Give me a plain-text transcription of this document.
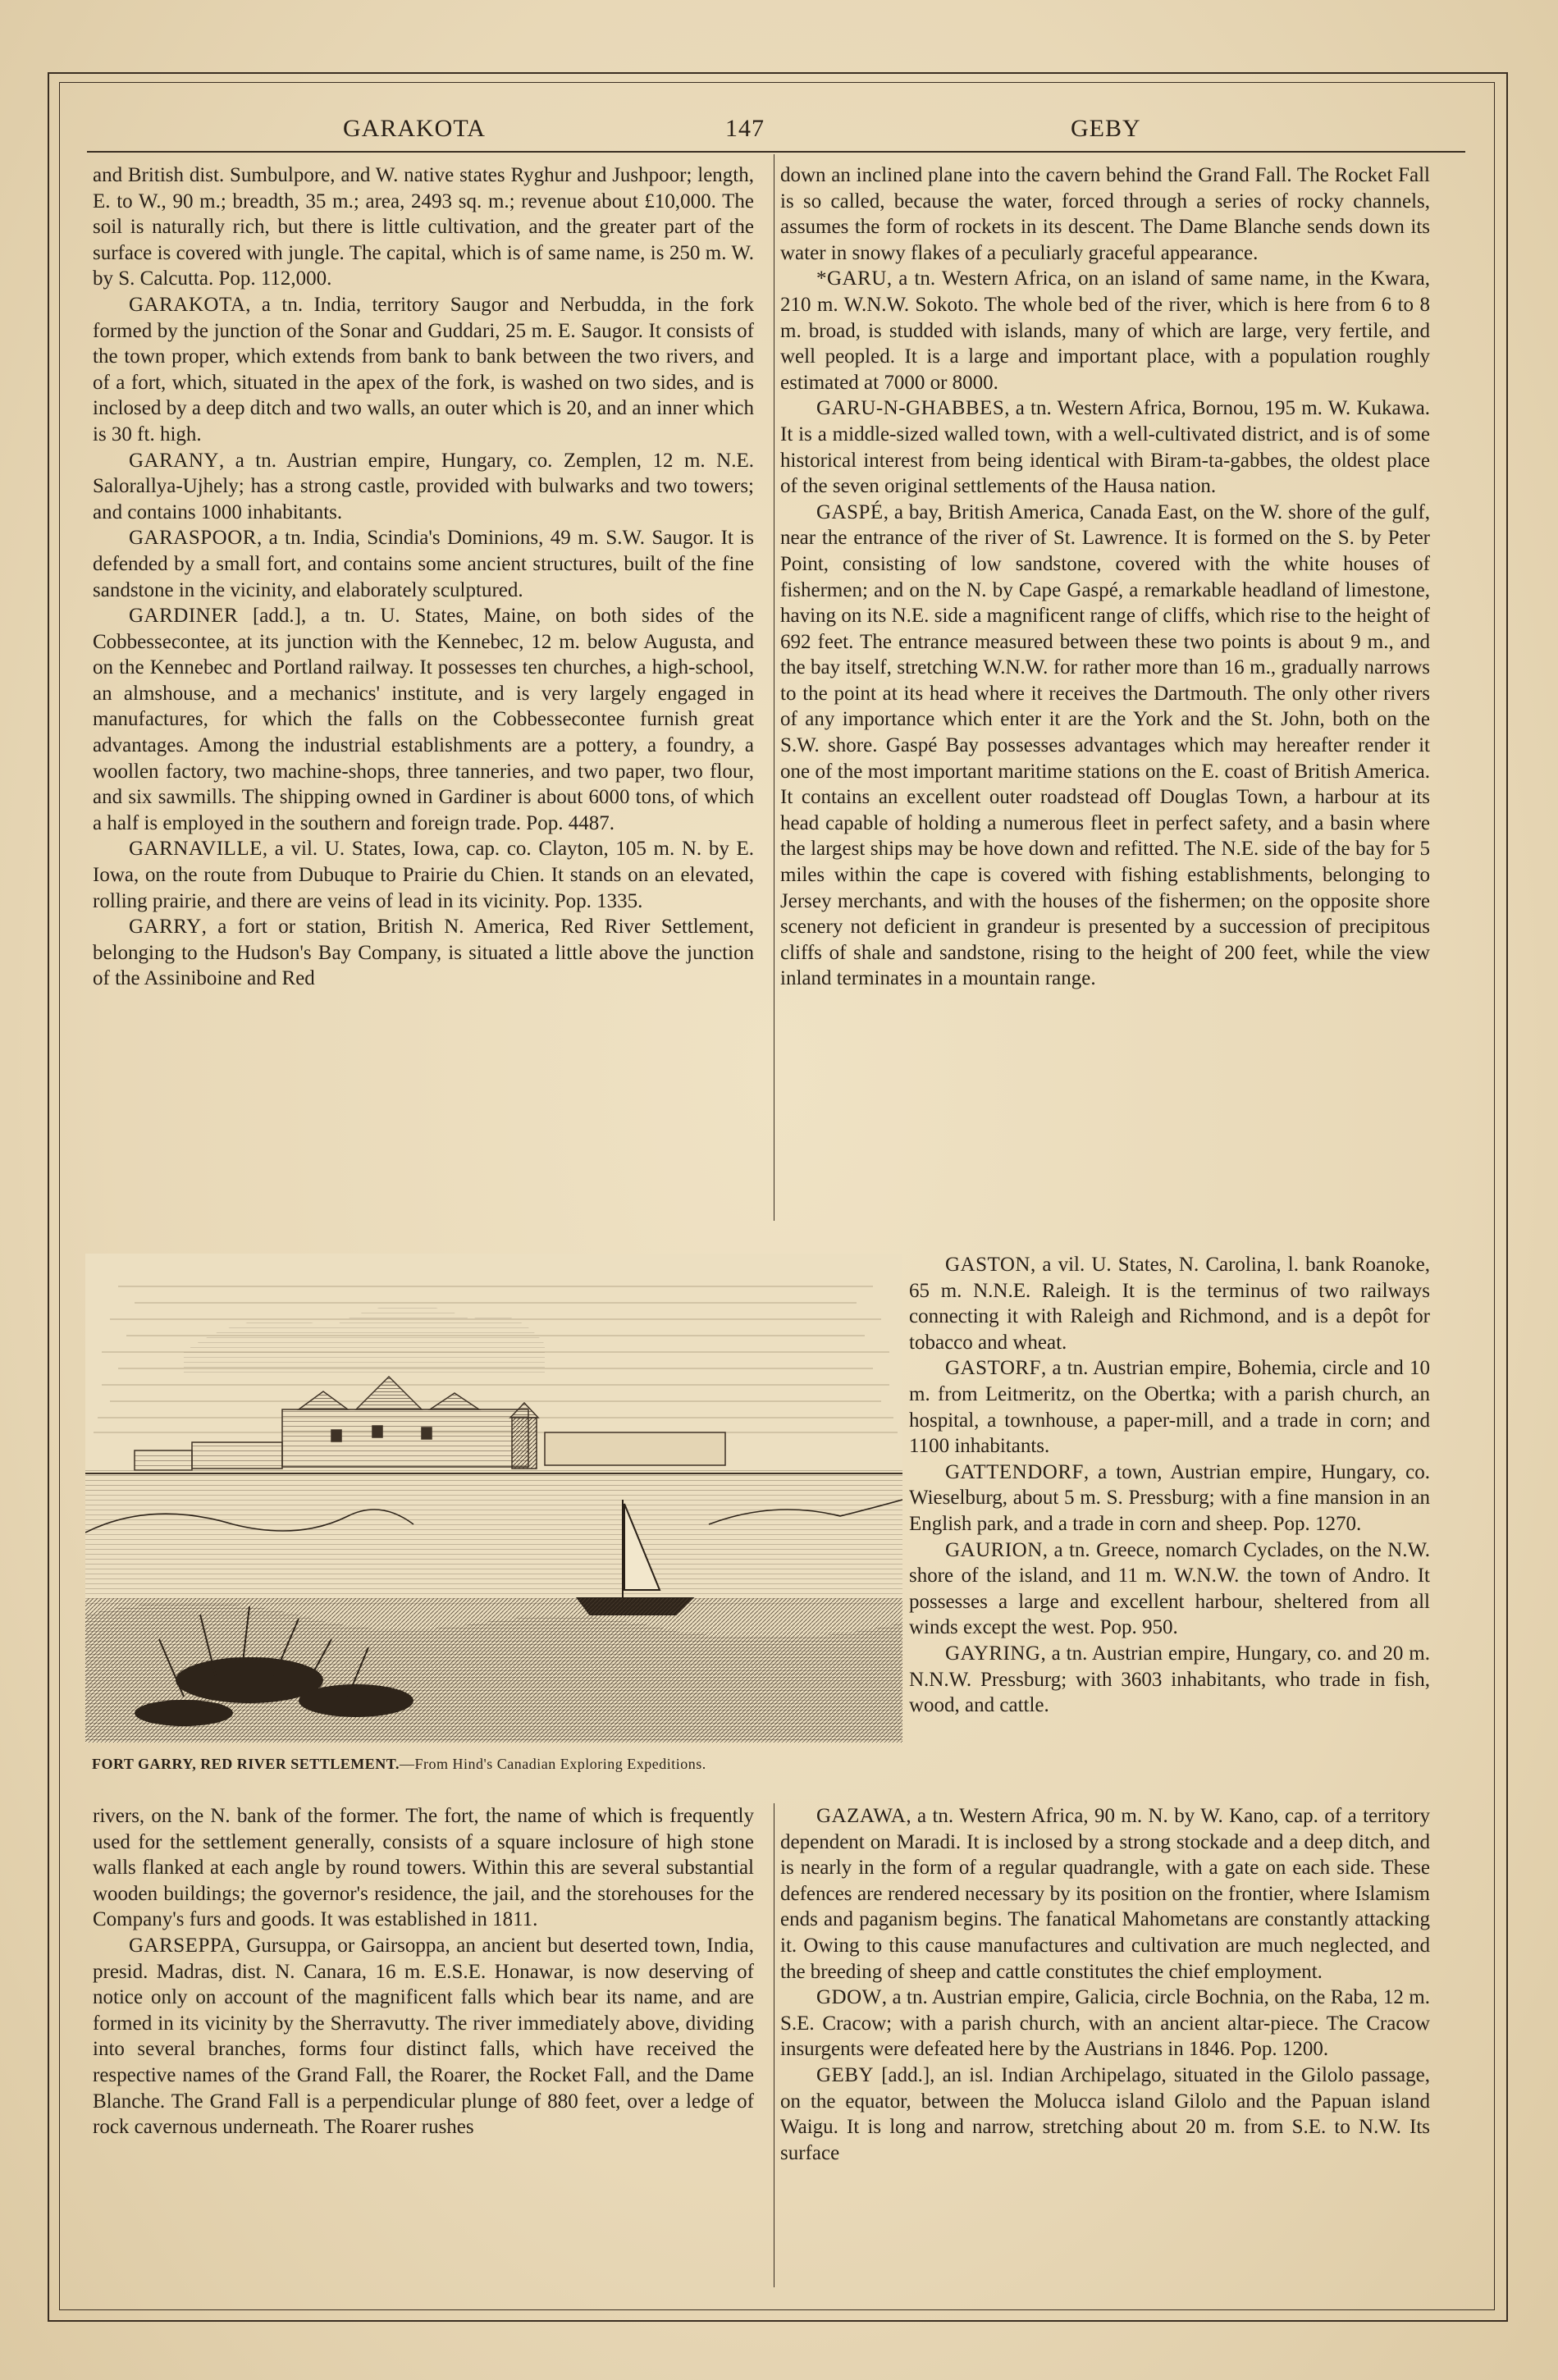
GARAKOTA	147	GEBY

and British dist. Sumbulpore, and W. native states Ryghur and Jushpoor; length, E. to W., 90 m.; breadth, 35 m.; area, 2493 sq. m.; revenue about £10,000. The soil is naturally rich, but there is little cultivation, and the greater part of the surface is covered with jungle. The capital, which is of same name, is 250 m. W. by S. Calcutta. Pop. 112,000.

GARAKOTA, a tn. India, territory Saugor and Nerbudda, in the fork formed by the junction of the Sonar and Guddari, 25 m. E. Saugor. It consists of the town proper, which extends from bank to bank between the two rivers, and of a fort, which, situated in the apex of the fork, is washed on two sides, and is inclosed by a deep ditch and two walls, an outer which is 20, and an inner which is 30 ft. high.

GARANY, a tn. Austrian empire, Hungary, co. Zemplen, 12 m. N.E. Salorallya-Ujhely; has a strong castle, provided with bulwarks and two towers; and contains 1000 inhabitants.

GARASPOOR, a tn. India, Scindia's Dominions, 49 m. S.W. Saugor. It is defended by a small fort, and contains some ancient structures, built of the fine sandstone in the vicinity, and elaborately sculptured.

GARDINER [add.], a tn. U. States, Maine, on both sides of the Cobbessecontee, at its junction with the Kennebec, 12 m. below Augusta, and on the Kennebec and Portland railway. It possesses ten churches, a high-school, an almshouse, and a mechanics' institute, and is very largely engaged in manufactures, for which the falls on the Cobbessecontee furnish great advantages. Among the industrial establishments are a pottery, a foundry, a woollen factory, two machine-shops, three tanneries, and two paper, two flour, and six sawmills. The shipping owned in Gardiner is about 6000 tons, of which a half is employed in the southern and foreign trade. Pop. 4487.

GARNAVILLE, a vil. U. States, Iowa, cap. co. Clayton, 105 m. N. by E. Iowa, on the route from Dubuque to Prairie du Chien. It stands on an elevated, rolling prairie, and there are veins of lead in its vicinity. Pop. 1335.

GARRY, a fort or station, British N. America, Red River Settlement, belonging to the Hudson's Bay Company, is situated a little above the junction of the Assiniboine and Red

down an inclined plane into the cavern behind the Grand Fall. The Rocket Fall is so called, because the water, forced through a series of rocky channels, assumes the form of rockets in its descent. The Dame Blanche sends down its water in snowy flakes of a peculiarly graceful appearance.

*GARU, a tn. Western Africa, on an island of same name, in the Kwara, 210 m. W.N.W. Sokoto. The whole bed of the river, which is here from 6 to 8 m. broad, is studded with islands, many of which are large, very fertile, and well peopled. It is a large and important place, with a population roughly estimated at 7000 or 8000.

GARU-N-GHABBES, a tn. Western Africa, Bornou, 195 m. W. Kukawa. It is a middle-sized walled town, with a well-cultivated district, and is of some historical interest from being identical with Biram-ta-gabbes, the oldest place of the seven original settlements of the Hausa nation.

GASPÉ, a bay, British America, Canada East, on the W. shore of the gulf, near the entrance of the river of St. Lawrence. It is formed on the S. by Peter Point, consisting of low sandstone, covered with the white houses of fishermen; and on the N. by Cape Gaspé, a remarkable headland of limestone, having on its N.E. side a magnificent range of cliffs, which rise to the height of 692 feet. The entrance measured between these two points is about 9 m., and the bay itself, stretching W.N.W. for rather more than 16 m., gradually narrows to the point at its head where it receives the Dartmouth. The only other rivers of any importance which enter it are the York and the St. John, both on the S.W. shore. Gaspé Bay possesses advantages which may hereafter render it one of the most important maritime stations on the E. coast of British America. It contains an excellent outer roadstead off Douglas Town, a harbour at its head capable of holding a numerous fleet in perfect safety, and a basin where the largest ships may be hove down and refitted. The N.E. side of the bay for 5 miles within the cape is covered with fishing establishments, belonging to Jersey merchants, and with the houses of the fishermen; on the opposite shore scenery not deficient in grandeur is presented by a succession of precipitous cliffs of shale and sandstone, rising to the height of 200 feet, while the view inland terminates in a mountain range.

GASTON, a vil. U. States, N. Carolina, l. bank Roanoke, 65 m. N.N.E. Raleigh. It is the terminus of two railways connecting it with Raleigh and Richmond, and is a depôt for tobacco and wheat.

GASTORF, a tn. Austrian empire, Bohemia, circle and 10 m. from Leitmeritz, on the Obertka; with a parish church, an hospital, a townhouse, a paper-mill, and a trade in corn; and 1100 inhabitants.

GATTENDORF, a town, Austrian empire, Hungary, co. Wieselburg, about 5 m. S. Pressburg; with a fine mansion in an English park, and a trade in corn and sheep. Pop. 1270.

GAURION, a tn. Greece, nomarch Cyclades, on the N.W. shore of the island, and 11 m. W.N.W. the town of Andro. It possesses a large and excellent harbour, sheltered from all winds except the west. Pop. 950.

GAYRING, a tn. Austrian empire, Hungary, co. and 20 m. N.N.W. Pressburg; with 3603 inhabitants, who trade in fish, wood, and cattle.

FORT GARRY, RED RIVER SETTLEMENT.—From Hind's Canadian Exploring Expeditions.

rivers, on the N. bank of the former. The fort, the name of which is frequently used for the settlement generally, consists of a square inclosure of high stone walls flanked at each angle by round towers. Within this are several substantial wooden buildings; the governor's residence, the jail, and the storehouses for the Company's furs and goods. It was established in 1811.

GARSEPPA, Gursuppa, or Gairsoppa, an ancient but deserted town, India, presid. Madras, dist. N. Canara, 16 m. E.S.E. Honawar, is now deserving of notice only on account of the magnificent falls which bear its name, and are formed in its vicinity by the Sherravutty. The river immediately above, dividing into several branches, forms four distinct falls, which have received the respective names of the Grand Fall, the Roarer, the Rocket Fall, and the Dame Blanche. The Grand Fall is a perpendicular plunge of 880 feet, over a ledge of rock cavernous underneath. The Roarer rushes

GAZAWA, a tn. Western Africa, 90 m. N. by W. Kano, cap. of a territory dependent on Maradi. It is inclosed by a strong stockade and a deep ditch, and is nearly in the form of a regular quadrangle, with a gate on each side. These defences are rendered necessary by its position on the frontier, where Islamism ends and paganism begins. The fanatical Mahometans are constantly attacking it. Owing to this cause manufactures and cultivation are much neglected, and the breeding of sheep and cattle constitutes the chief employment.

GDOW, a tn. Austrian empire, Galicia, circle Bochnia, on the Raba, 12 m. S.E. Cracow; with a parish church, with an ancient altar-piece. The Cracow insurgents were defeated here by the Austrians in 1846. Pop. 1200.

GEBY [add.], an isl. Indian Archipelago, situated in the Gilolo passage, on the equator, between the Molucca island Gilolo and the Papuan island Waigu. It is long and narrow, stretching about 20 m. from S.E. to N.W. Its surface
